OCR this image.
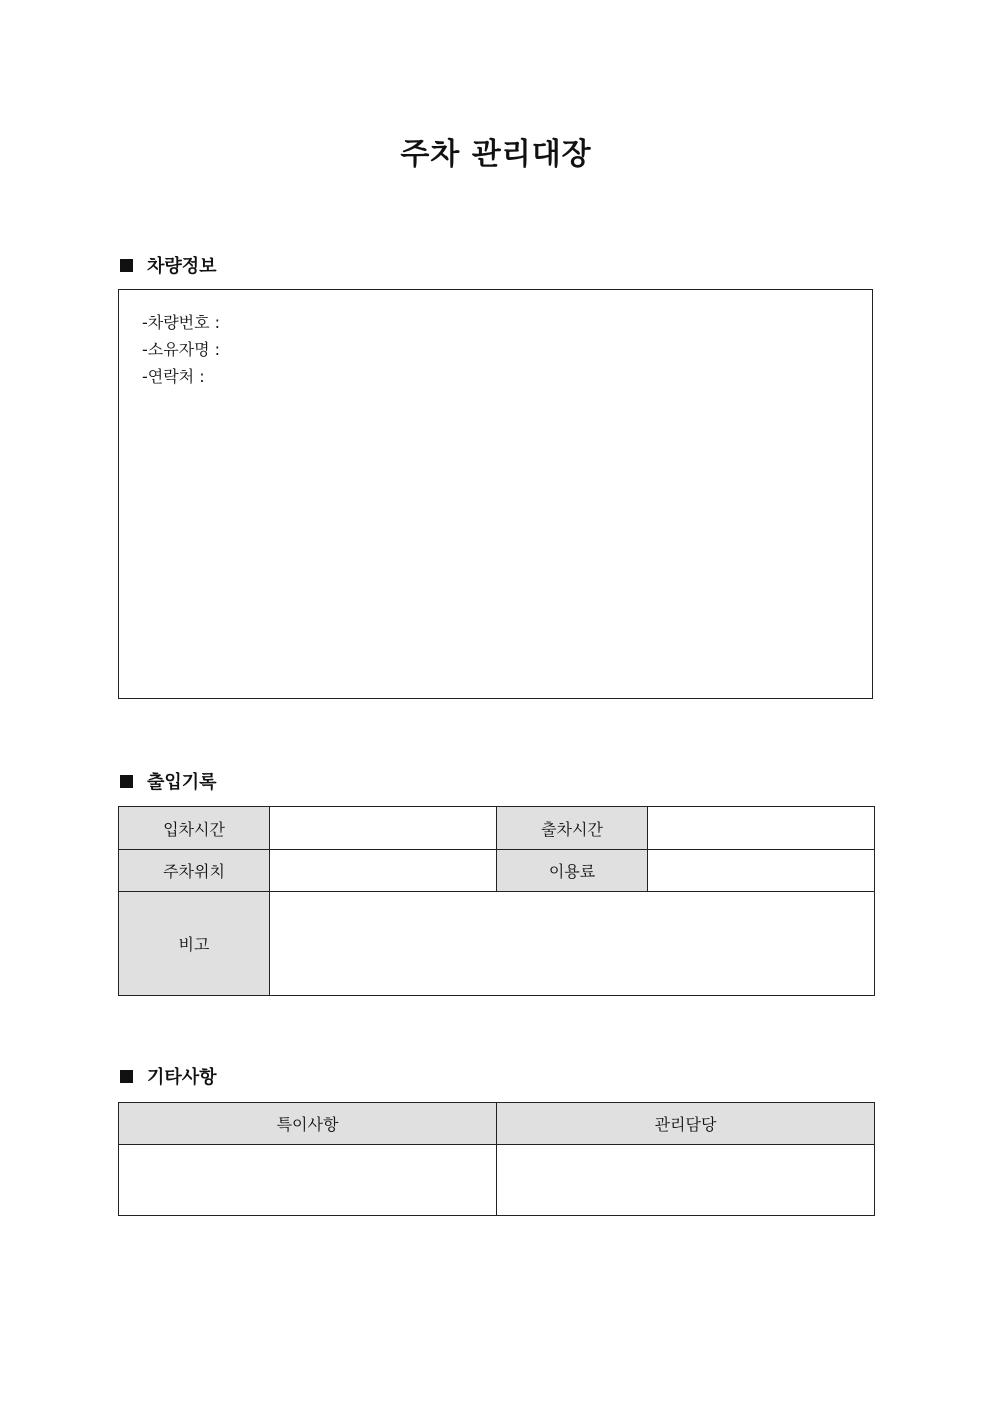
주차 관리대장
차량정보
-차량번호 :
-소유자명 :
-연락처 :
출입기록
입차시간		출차시간	
주차위치		이용료	
비고			
기타사항
특이사항	관리담당
